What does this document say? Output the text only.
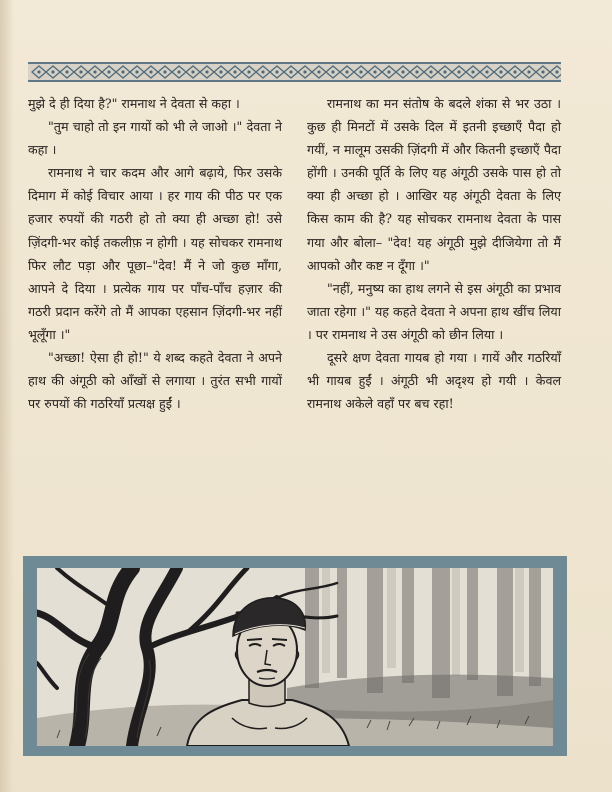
मुझे दे ही दिया है?" रामनाथ ने देवता से कहा ।

"तुम चाहो तो इन गायों को भी ले जाओ ।" देवता ने कहा ।

रामनाथ ने चार कदम और आगे बढ़ाये, फिर उसके दिमाग में कोई विचार आया । हर गाय की पीठ पर एक हजार रुपयों की गठरी हो तो क्या ही अच्छा हो! उसे ज़िंदगी-भर कोई तकलीफ़ न होगी । यह सोचकर रामनाथ फिर लौट पड़ा और पूछा–"देव! मैं ने जो कुछ माँगा, आपने दे दिया । प्रत्येक गाय पर पाँच-पाँच हज़ार की गठरी प्रदान करेंगे तो मैं आपका एहसान ज़िंदगी-भर नहीं भूलूँगा ।"

"अच्छा! ऐसा ही हो!" ये शब्द कहते देवता ने अपने हाथ की अंगूठी को आँखों से लगाया । तुरंत सभी गायों पर रुपयों की गठरियाँ प्रत्यक्ष हुईं ।

रामनाथ का मन संतोष के बदले शंका से भर उठा । कुछ ही मिनटों में उसके दिल में इतनी इच्छाएँ पैदा हो गयीं, न मालूम उसकी ज़िंदगी में और कितनी इच्छाएँ पैदा होंगी । उनकी पूर्ति के लिए यह अंगूठी उसके पास हो तो क्या ही अच्छा हो । आखिर यह अंगूठी देवता के लिए किस काम की है? यह सोचकर रामनाथ देवता के पास गया और बोला– "देव! यह अंगूठी मुझे दीजियेगा तो मैं आपको और कष्ट न दूँगा ।"

"नहीं, मनुष्य का हाथ लगने से इस अंगूठी का प्रभाव जाता रहेगा ।" यह कहते देवता ने अपना हाथ खींच लिया । पर रामनाथ ने उस अंगूठी को छीन लिया ।

दूसरे क्षण देवता गायब हो गया । गायें और गठरियाँ भी गायब हुईं । अंगूठी भी अदृश्य हो गयी । केवल रामनाथ अकेले वहाँ पर बच रहा!
